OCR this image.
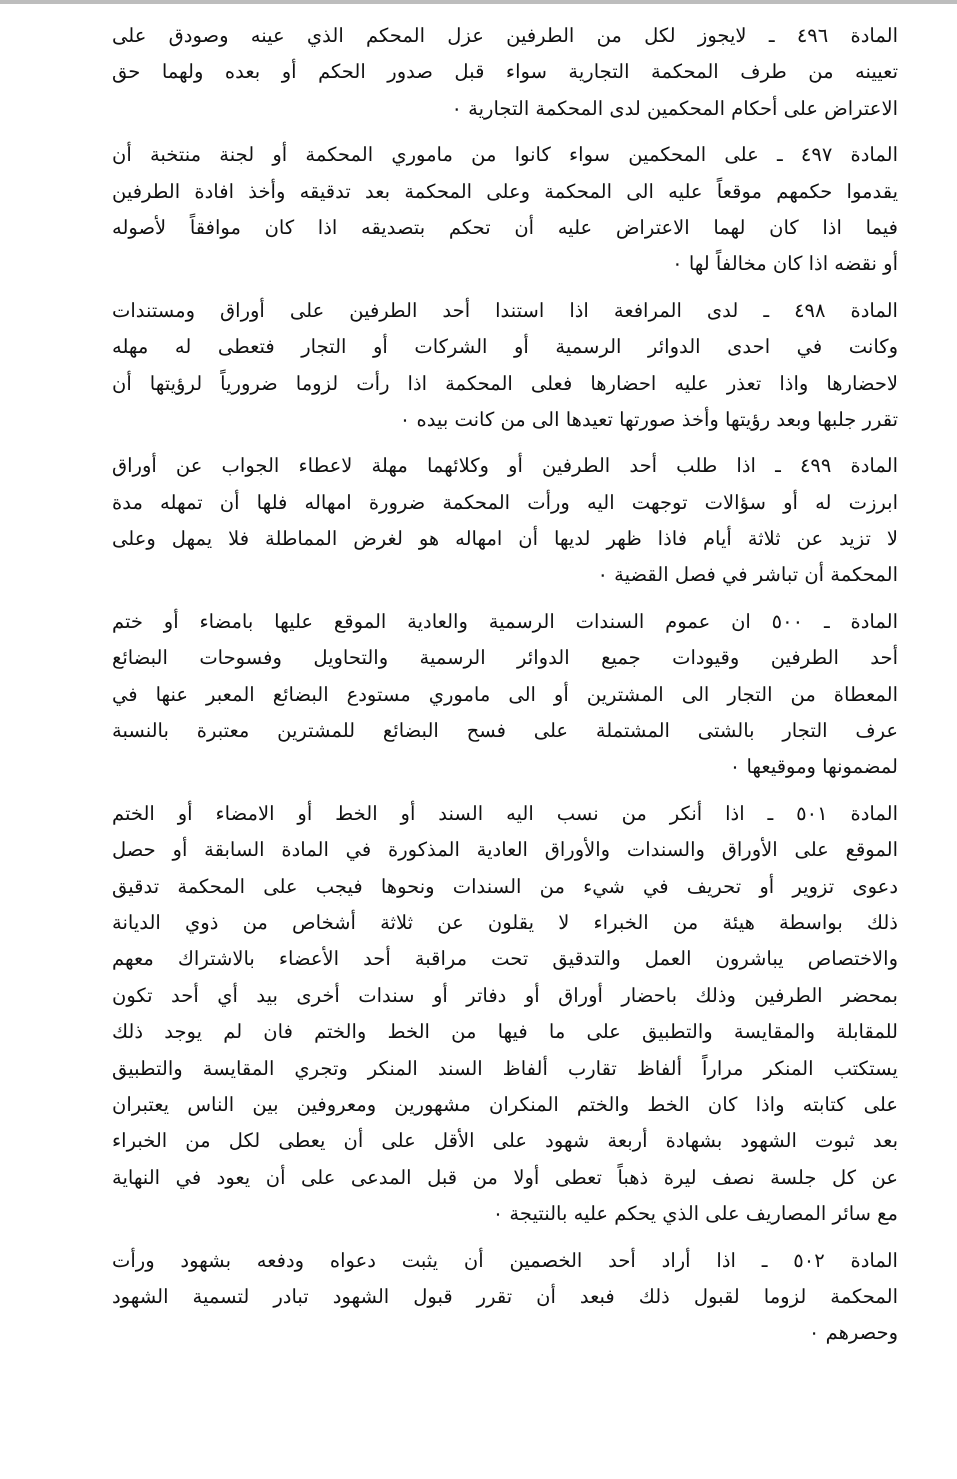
المادة ٤٩٦ ـ لايجوز لكل من الطرفين عزل المحكم الذي عينه وصودق على
تعيينه من طرف المحكمة التجارية سواء قبل صدور الحكم أو بعده ولهما حق
الاعتراض على أحكام المحكمين لدى المحكمة التجارية ٠
المادة ٤٩٧ ـ على المحكمين سواء كانوا من ماموري المحكمة أو لجنة منتخبة أن
يقدموا حكمهم موقعاً عليه الى المحكمة وعلى المحكمة بعد تدقيقه وأخذ افادة الطرفين
فيما اذا كان لهما الاعتراض عليه أن تحكم بتصديقه اذا كان موافقاً لأصوله
أو نقضه اذا كان مخالفاً لها ٠
المادة ٤٩٨ ـ لدى المرافعة اذا استندا أحد الطرفين على أوراق ومستندات
وكانت في احدى الدوائر الرسمية أو الشركات أو التجار فتعطى له مهله
لاحضارها واذا تعذر عليه احضارها فعلى المحكمة اذا رأت لزوما ضرورياً لرؤيتها أن
تقرر جلبها وبعد رؤيتها وأخذ صورتها تعيدها الى من كانت بيده ٠
المادة ٤٩٩ ـ اذا طلب أحد الطرفين أو وكلائهما مهلة لاعطاء الجواب عن أوراق
ابرزت له أو سؤالات توجهت اليه ورأت المحكمة ضرورة امهاله فلها أن تمهله مدة
لا تزيد عن ثلاثة أيام فاذا ظهر لديها أن امهاله هو لغرض المماطلة فلا يمهل وعلى
المحكمة أن تباشر في فصل القضية ٠
المادة ـ ٥٠٠ ان عموم السندات الرسمية والعادية الموقع عليها بامضاء أو ختم
أحد الطرفين وقيودات جميع الدوائر الرسمية والتحاويل وفسوحات البضائع
المعطاة من التجار الى المشترين أو الى ماموري مستودع البضائع المعبر عنها في
عرف التجار بالشتى المشتملة على فسح البضائع للمشترين معتبرة بالنسبة
لمضمونها وموقيعها ٠
المادة ٥٠١ ـ اذا أنكر من نسب اليه السند أو الخط أو الامضاء أو الختم
الموقع على الأوراق والسندات والأوراق العادية المذكورة في المادة السابقة أو حصل
دعوى تزوير أو تحريف في شيء من السندات ونحوها فيجب على المحكمة تدقيق
ذلك بواسطة هيئة من الخبراء لا يقلون عن ثلاثة أشخاص من ذوي الديانة
والاختصاص يباشرون العمل والتدقيق تحت مراقبة أحد الأعضاء بالاشتراك معهم
بمحضر الطرفين وذلك باحضار أوراق أو دفاتر أو سندات أخرى بيد أي أحد تكون
للمقابلة والمقايسة والتطبيق على ما فيها من الخط والختم فان لم يوجد ذلك
يستكتب المنكر مراراً ألفاظ تقارب ألفاظ السند المنكر وتجري المقايسة والتطبيق
على كتابته واذا كان الخط والختم المنكران مشهورين ومعروفين بين الناس يعتبران
بعد ثبوت الشهود بشهادة أربعة شهود على الأقل على أن يعطى لكل من الخبراء
عن كل جلسة نصف ليرة ذهباً تعطى أولا من قبل المدعى على أن يعود في النهاية
مع سائر المصاريف على الذي يحكم عليه بالنتيجة ٠
المادة ٥٠٢ ـ اذا أراد أحد الخصمين أن يثبت دعواه ودفعه بشهود ورأت
المحكمة لزوما لقبول ذلك فبعد أن تقرر قبول الشهود تبادر لتسمية الشهود
وحصرهم ٠
